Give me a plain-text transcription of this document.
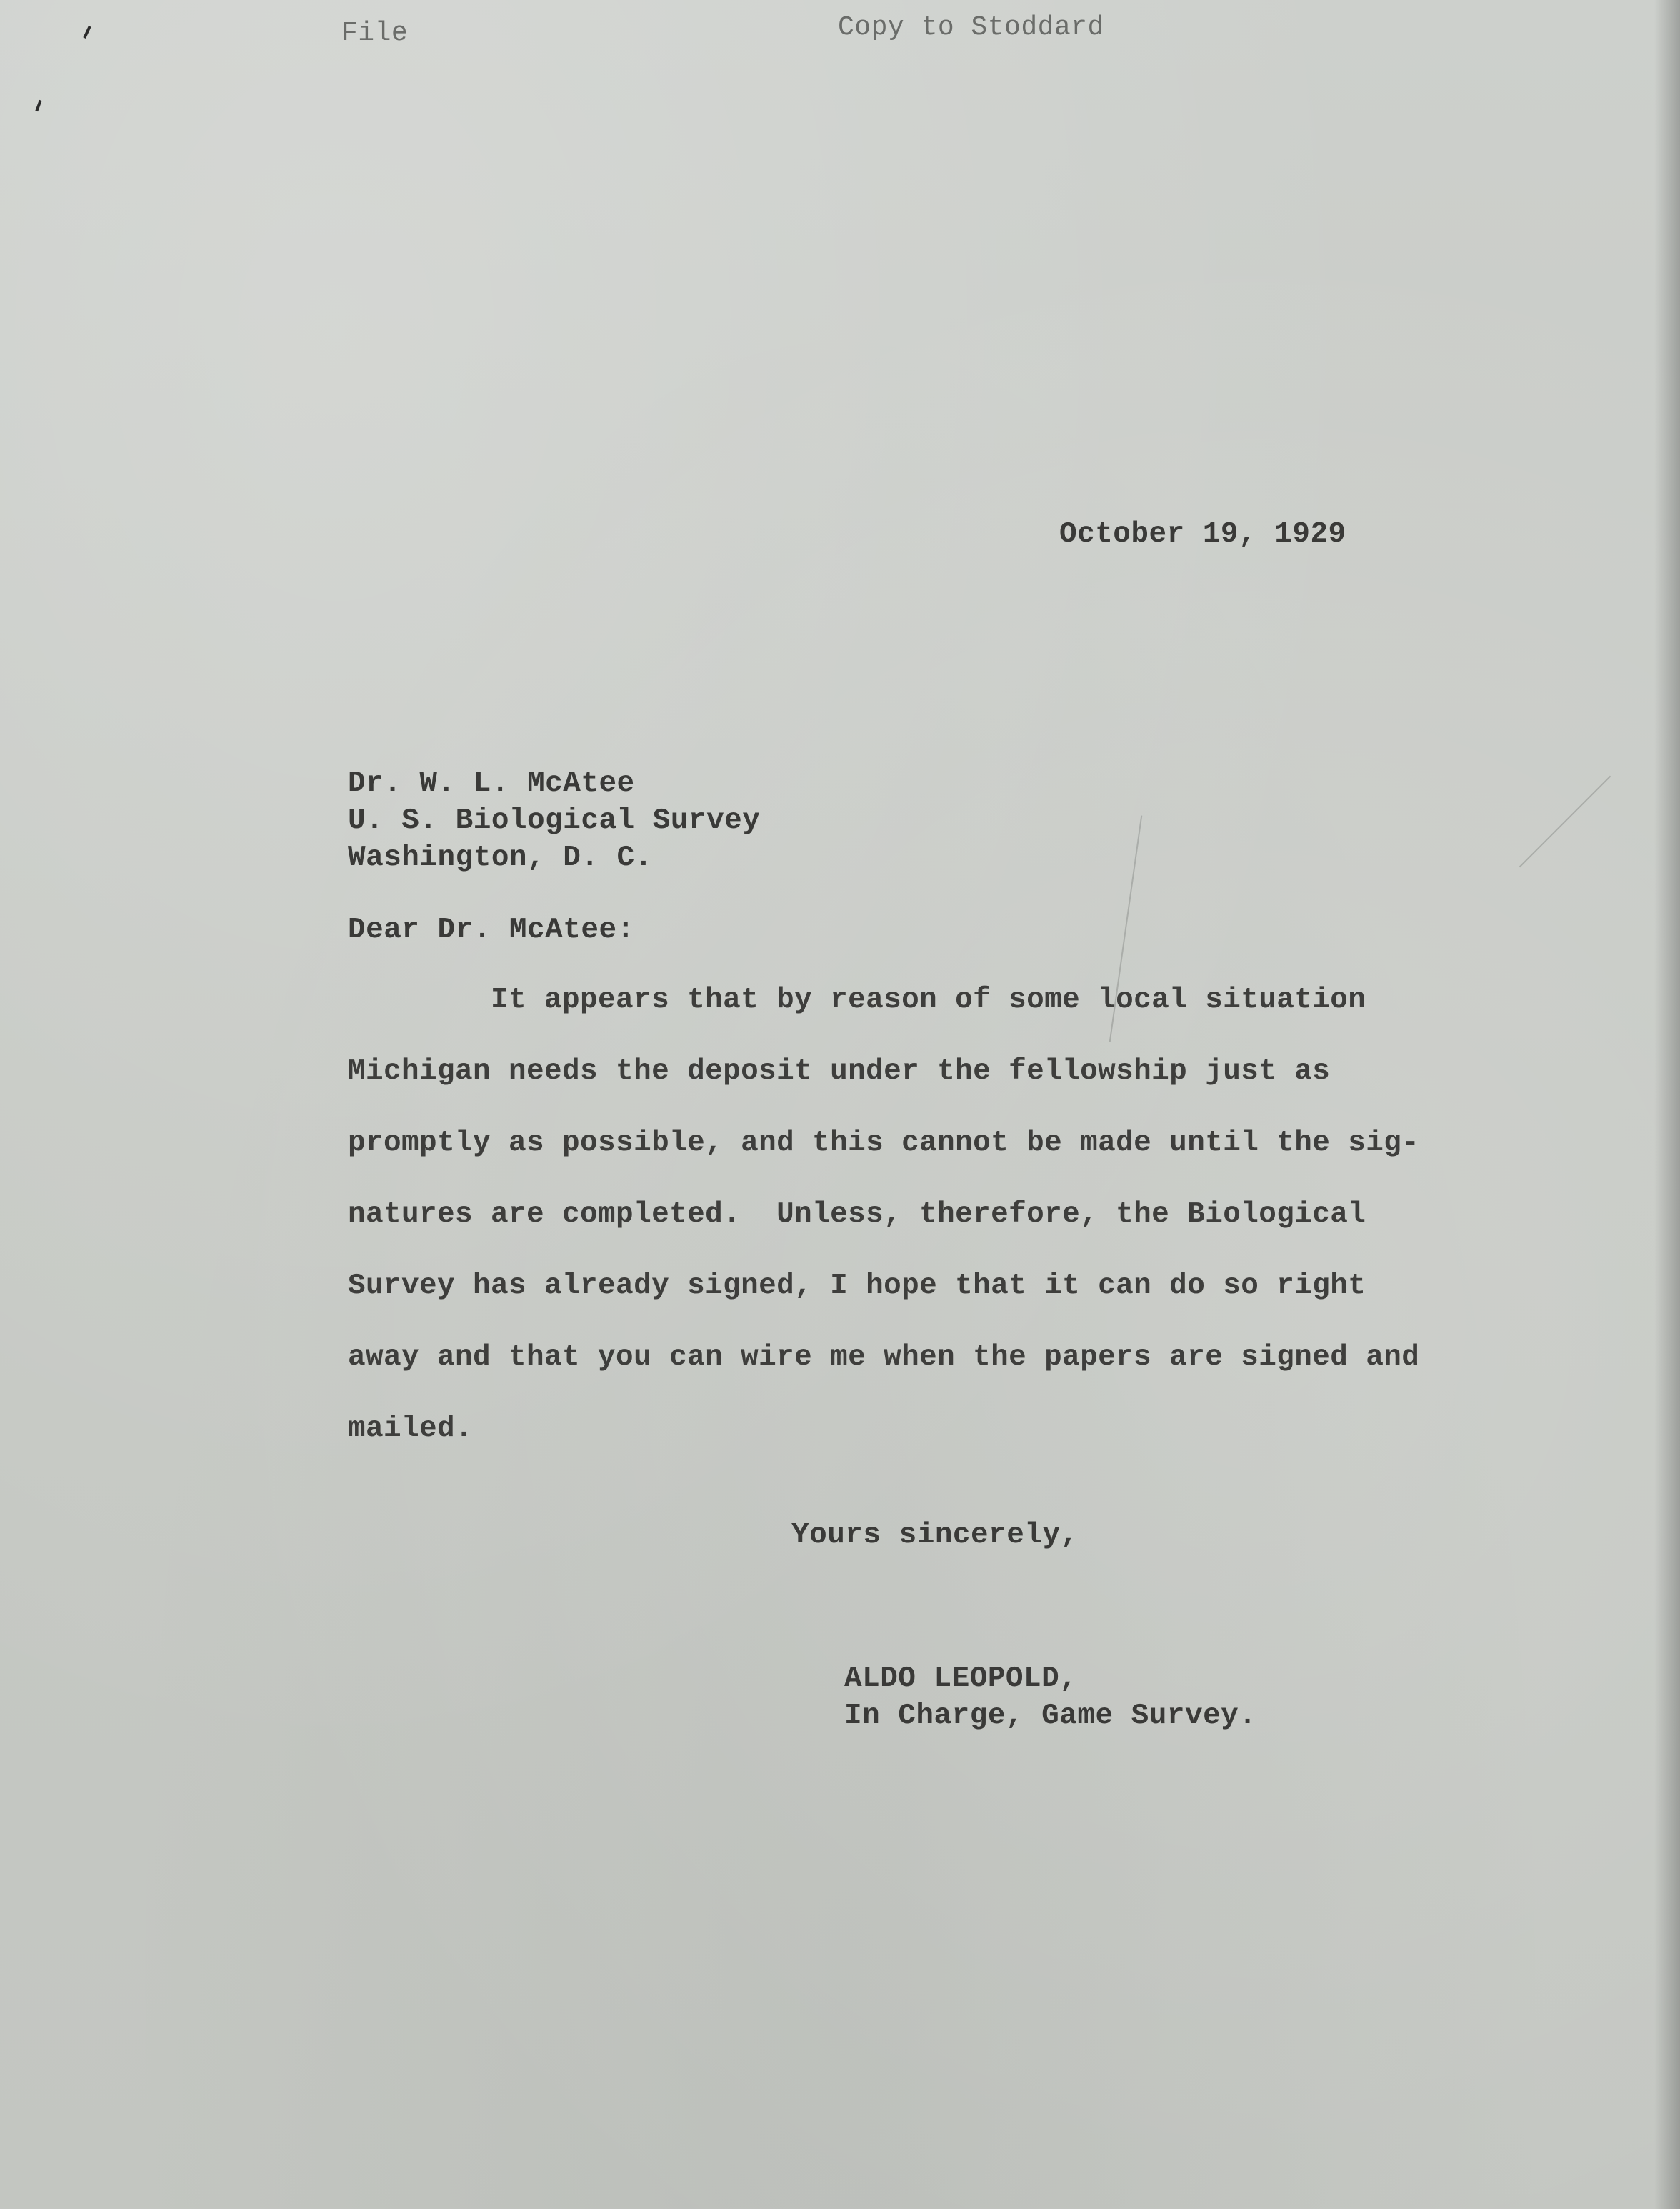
File	Copy to Stoddard
October 19, 1929
Dr. W. L. McAtee
U. S. Biological Survey
Washington, D. C.
Dear Dr. McAtee:
It appears that by reason of some local situation
Michigan needs the deposit under the fellowship just as
promptly as possible, and this cannot be made until the sig-
natures are completed.  Unless, therefore, the Biological
Survey has already signed, I hope that it can do so right
away and that you can wire me when the papers are signed and
mailed.
Yours sincerely,
ALDO LEOPOLD,
In Charge, Game Survey.
